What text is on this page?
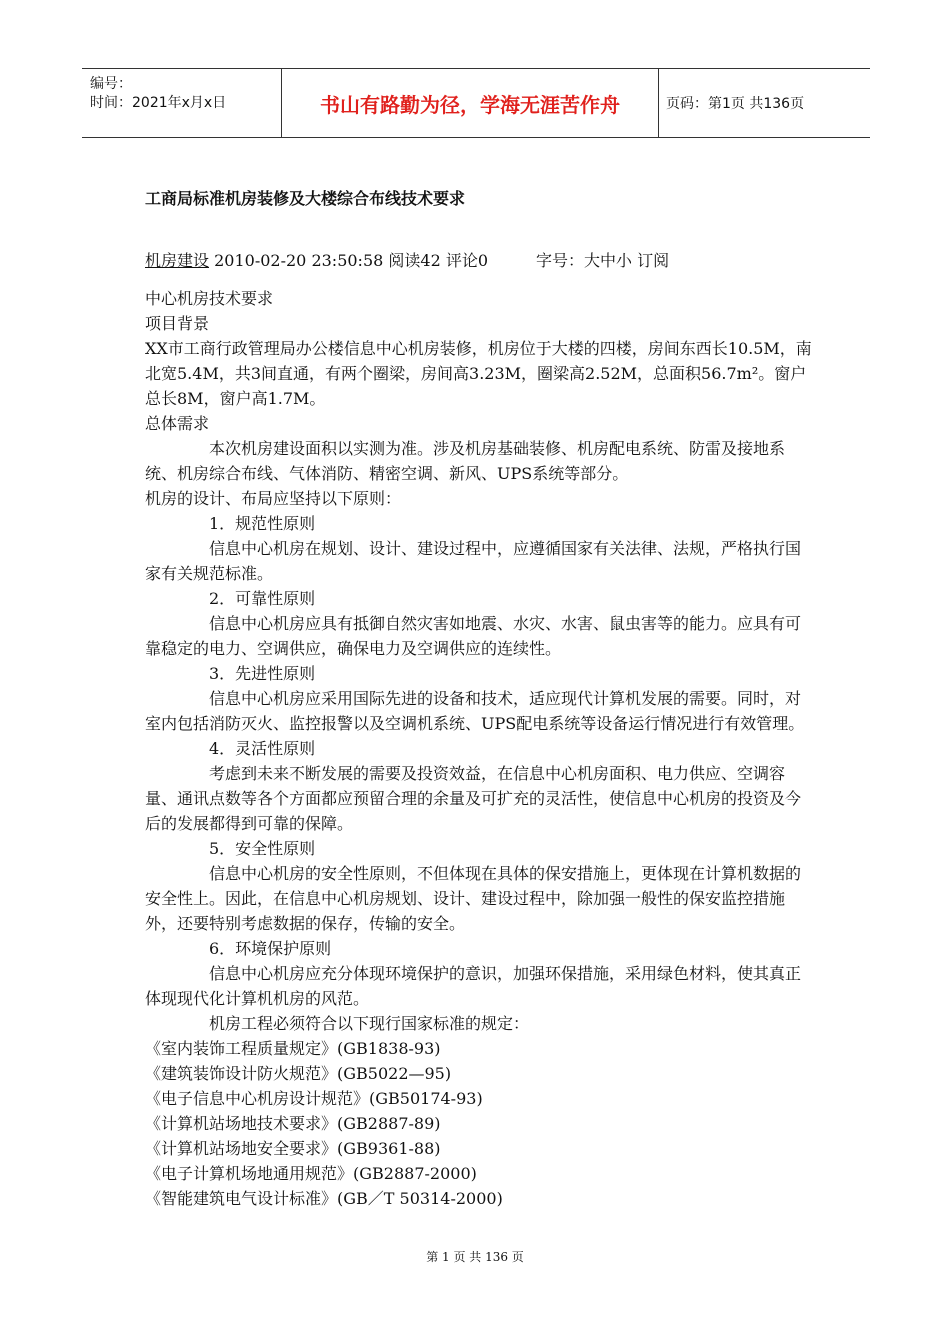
编号：
时间：2021年x月x日	书山有路勤为径，学海无涯苦作舟	页码：第1页 共136页
工商局标准机房装修及大楼综合布线技术要求
机房建设 2010-02-20 23:50:58 阅读42 评论0	字号：大中小 订阅

中心机房技术要求

项目背景

XX市工商行政管理局办公楼信息中心机房装修，机房位于大楼的四楼，房间东西长10.5M，南北宽5.4M，共3间直通，有两个圈梁，房间高3.23M，圈梁高2.52M，总面积56.7m²。窗户总长8M，窗户高1.7M。

总体需求

本次机房建设面积以实测为准。涉及机房基础装修、机房配电系统、防雷及接地系统、机房综合布线、气体消防、精密空调、新风、UPS系统等部分。

机房的设计、布局应坚持以下原则：

1．规范性原则

信息中心机房在规划、设计、建设过程中，应遵循国家有关法律、法规，严格执行国家有关规范标准。

2．可靠性原则

信息中心机房应具有抵御自然灾害如地震、水灾、水害、鼠虫害等的能力。应具有可靠稳定的电力、空调供应，确保电力及空调供应的连续性。

3．先进性原则

信息中心机房应采用国际先进的设备和技术，适应现代计算机发展的需要。同时，对室内包括消防灭火、监控报警以及空调机系统、UPS配电系统等设备运行情况进行有效管理。

4．灵活性原则

考虑到未来不断发展的需要及投资效益，在信息中心机房面积、电力供应、空调容量、通讯点数等各个方面都应预留合理的余量及可扩充的灵活性，使信息中心机房的投资及今后的发展都得到可靠的保障。

5．安全性原则

信息中心机房的安全性原则，不但体现在具体的保安措施上，更体现在计算机数据的安全性上。因此，在信息中心机房规划、设计、建设过程中，除加强一般性的保安监控措施外，还要特别考虑数据的保存，传输的安全。

6．环境保护原则

信息中心机房应充分体现环境保护的意识，加强环保措施，采用绿色材料，使其真正体现现代化计算机机房的风范。

机房工程必须符合以下现行国家标准的规定：

《室内装饰工程质量规定》(GB1838-93)

《建筑装饰设计防火规范》(GB5022—95)

《电子信息中心机房设计规范》(GB50174-93)

《计算机站场地技术要求》(GB2887-89)

《计算机站场地安全要求》(GB9361-88)

《电子计算机场地通用规范》(GB2887-2000)

《智能建筑电气设计标准》(GB／T 50314-2000)

第 1 页 共 136 页
